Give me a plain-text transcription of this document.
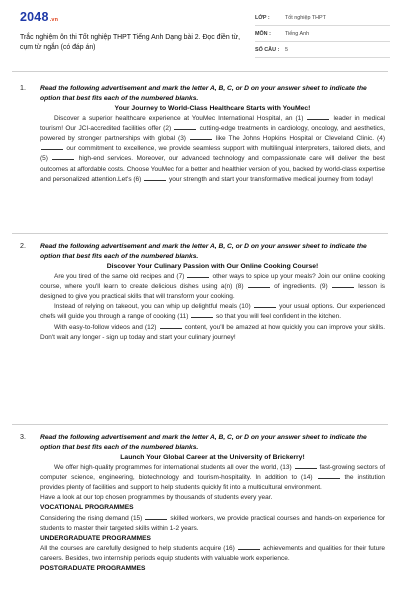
2048.vn
Trắc nghiệm ôn thi Tốt nghiệp THPT Tiếng Anh Dạng bài 2. Đọc điền từ, cụm từ ngắn (có đáp án)
LỚP :	Tốt nghiệp THPT
MÔN :	Tiếng Anh
SỐ CÂU : 5
1. Read the following advertisement and mark the letter A, B, C, or D on your answer sheet to indicate the option that best fits each of the numbered blanks.

Your Journey to World-Class Healthcare Starts with YouMec!

Discover a superior healthcare experience at YouMec International Hospital, an (1)	leader in medical tourism! Our JCI-accredited facilities offer (2)	cutting-edge treatments in cardiology, oncology, and aesthetics, powered by stronger partnerships with global (3)	like The Johns Hopkins Hospital or Cleveland Clinic. (4)  our commitment to excellence, we provide seamless support with multilingual interpreters, tailored diets, and (5)	high-end services. Moreover, our advanced technology and compassionate care will deliver the best outcomes at affordable costs. Choose YouMec for a better and healthier version of you, backed by world-class expertise and personalized attention.Let's (6)	your strength and start your transformative medical journey from today!

2. Read the following advertisement and mark the letter A, B, C, or D on your answer sheet to indicate the option that best fits each of the numbered blanks.

Discover Your Culinary Passion with Our Online Cooking Course!

Are you tired of the same old recipes and (7)	other ways to spice up your meals? Join our online cooking course, where you'll learn to create delicious dishes using a(n) (8)	of ingredients. (9)	lesson is designed to give you practical skills that will transform your cooking.

Instead of relying on takeout, you can whip up delightful meals (10)	your usual options. Our experienced chefs will guide you through a range of cooking (11)	so that you will feel confident in the kitchen.

With easy-to-follow videos and (12)	content, you'll be amazed at how quickly you can improve your skills. Don't wait any longer - sign up today and start your culinary journey!

3. Read the following advertisement and mark the letter A, B, C, or D on your answer sheet to indicate the option that best fits each of the numbered blanks.

Launch Your Global Career at the University of Brickerry!

We offer high-quality programmes for international students all over the world, (13)	fast-growing sectors of computer science, engineering, biotechnology and tourism-hospitality. In addition to (14)	the institution provides plenty of facilities and support to help students quickly fit into a multicultural environment.

Have a look at our top chosen programmes by thousands of students every year.

VOCATIONAL PROGRAMMES

Considering the rising demand (15)	skilled workers, we provide practical courses and hands-on experience for students to master their targeted skills within 1-2 years.

UNDERGRADUATE PROGRAMMES

All the courses are carefully designed to help students acquire (16)	achievements and qualities for their future careers. Besides, two internship periods equip students with valuable work experience.

POSTGRADUATE PROGRAMMES
